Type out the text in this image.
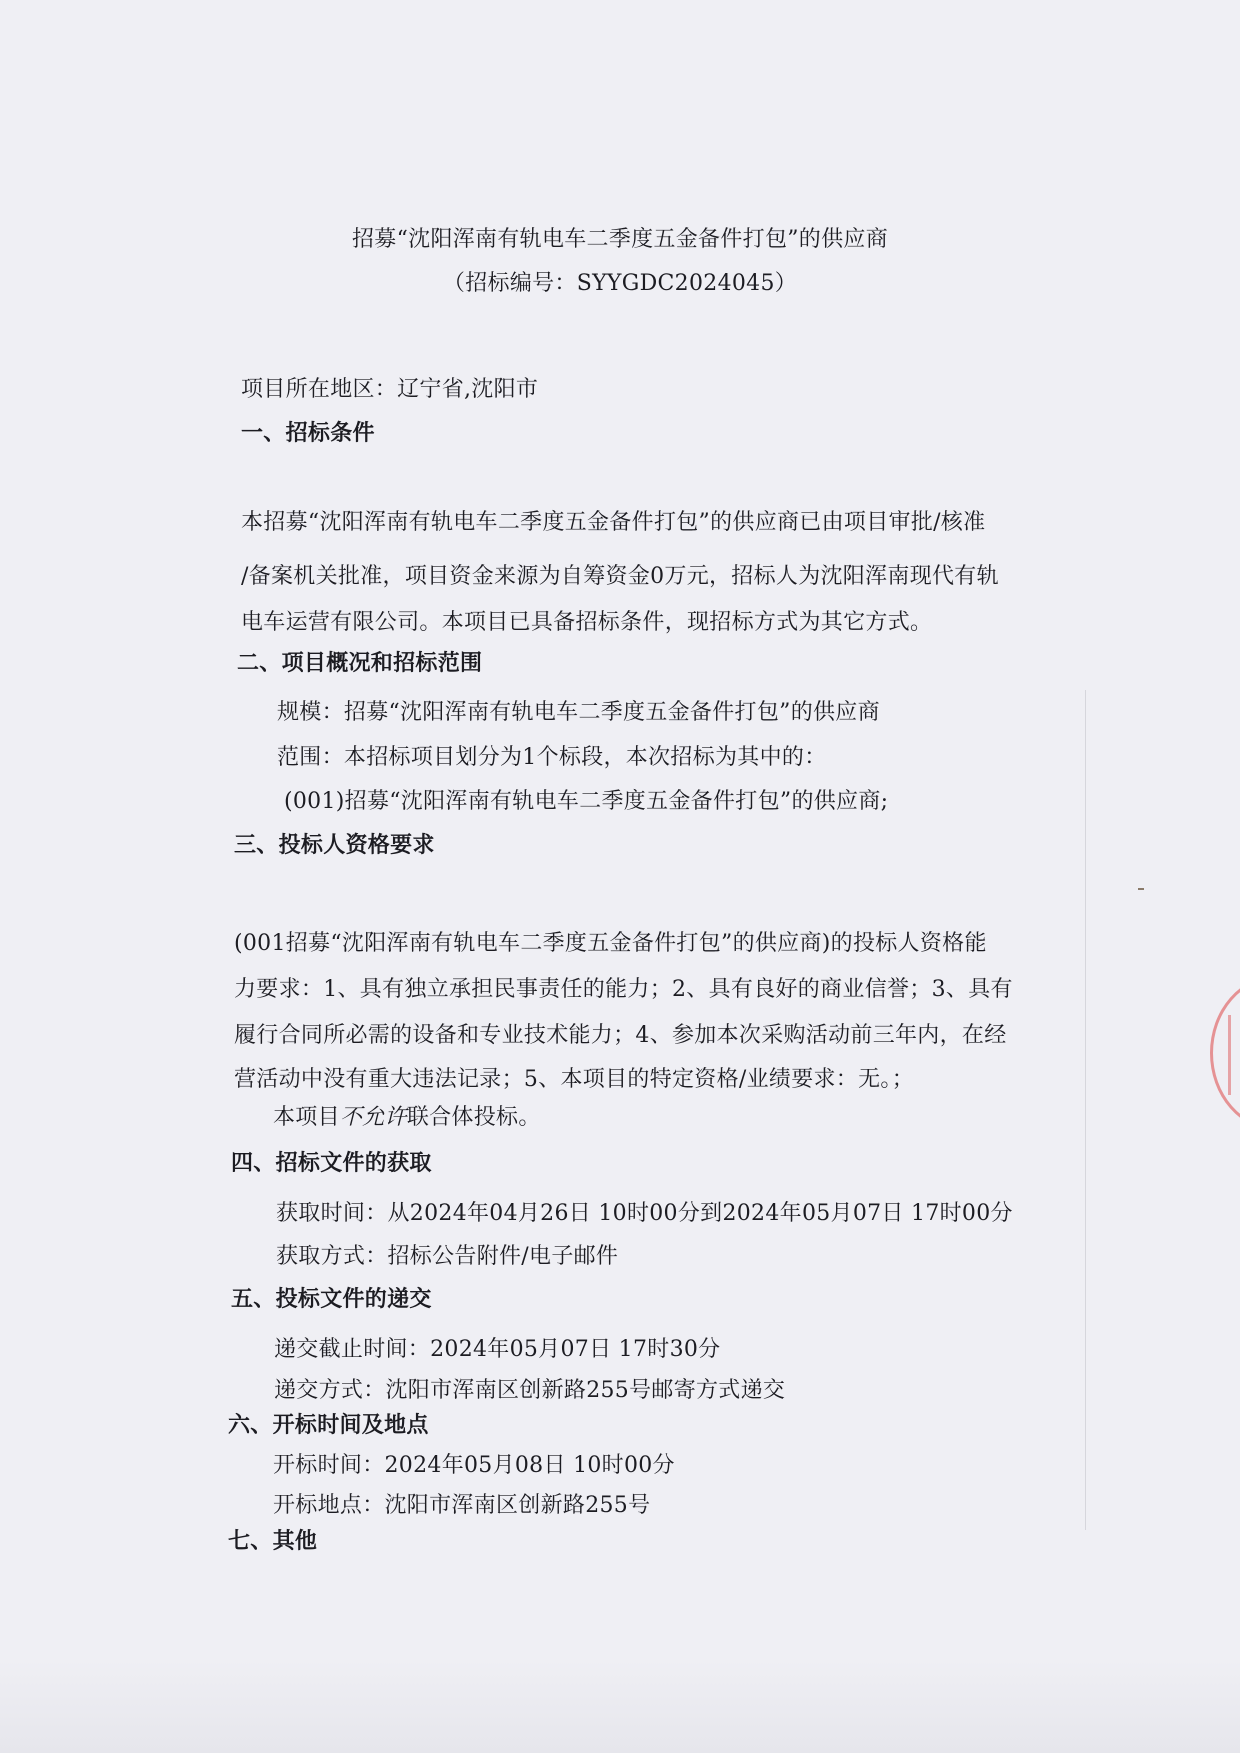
招募“沈阳浑南有轨电车二季度五金备件打包”的供应商
（招标编号：SYYGDC2024045）
项目所在地区：辽宁省,沈阳市
一、招标条件
本招募“沈阳浑南有轨电车二季度五金备件打包”的供应商已由项目审批/核准
/备案机关批准，项目资金来源为自筹资金0万元，招标人为沈阳浑南现代有轨
电车运营有限公司。本项目已具备招标条件，现招标方式为其它方式。
二、项目概况和招标范围
规模：招募“沈阳浑南有轨电车二季度五金备件打包”的供应商
范围：本招标项目划分为1个标段，本次招标为其中的：
(001)招募“沈阳浑南有轨电车二季度五金备件打包”的供应商;
三、投标人资格要求
(001招募“沈阳浑南有轨电车二季度五金备件打包”的供应商)的投标人资格能
力要求：1、具有独立承担民事责任的能力；2、具有良好的商业信誉；3、具有
履行合同所必需的设备和专业技术能力；4、参加本次采购活动前三年内，在经
营活动中没有重大违法记录；5、本项目的特定资格/业绩要求：无。；
本项目不允许联合体投标。
四、招标文件的获取
获取时间：从2024年04月26日 10时00分到2024年05月07日 17时00分
获取方式：招标公告附件/电子邮件
五、投标文件的递交
递交截止时间：2024年05月07日 17时30分
递交方式：沈阳市浑南区创新路255号邮寄方式递交
六、开标时间及地点
开标时间：2024年05月08日 10时00分
开标地点：沈阳市浑南区创新路255号
七、其他
